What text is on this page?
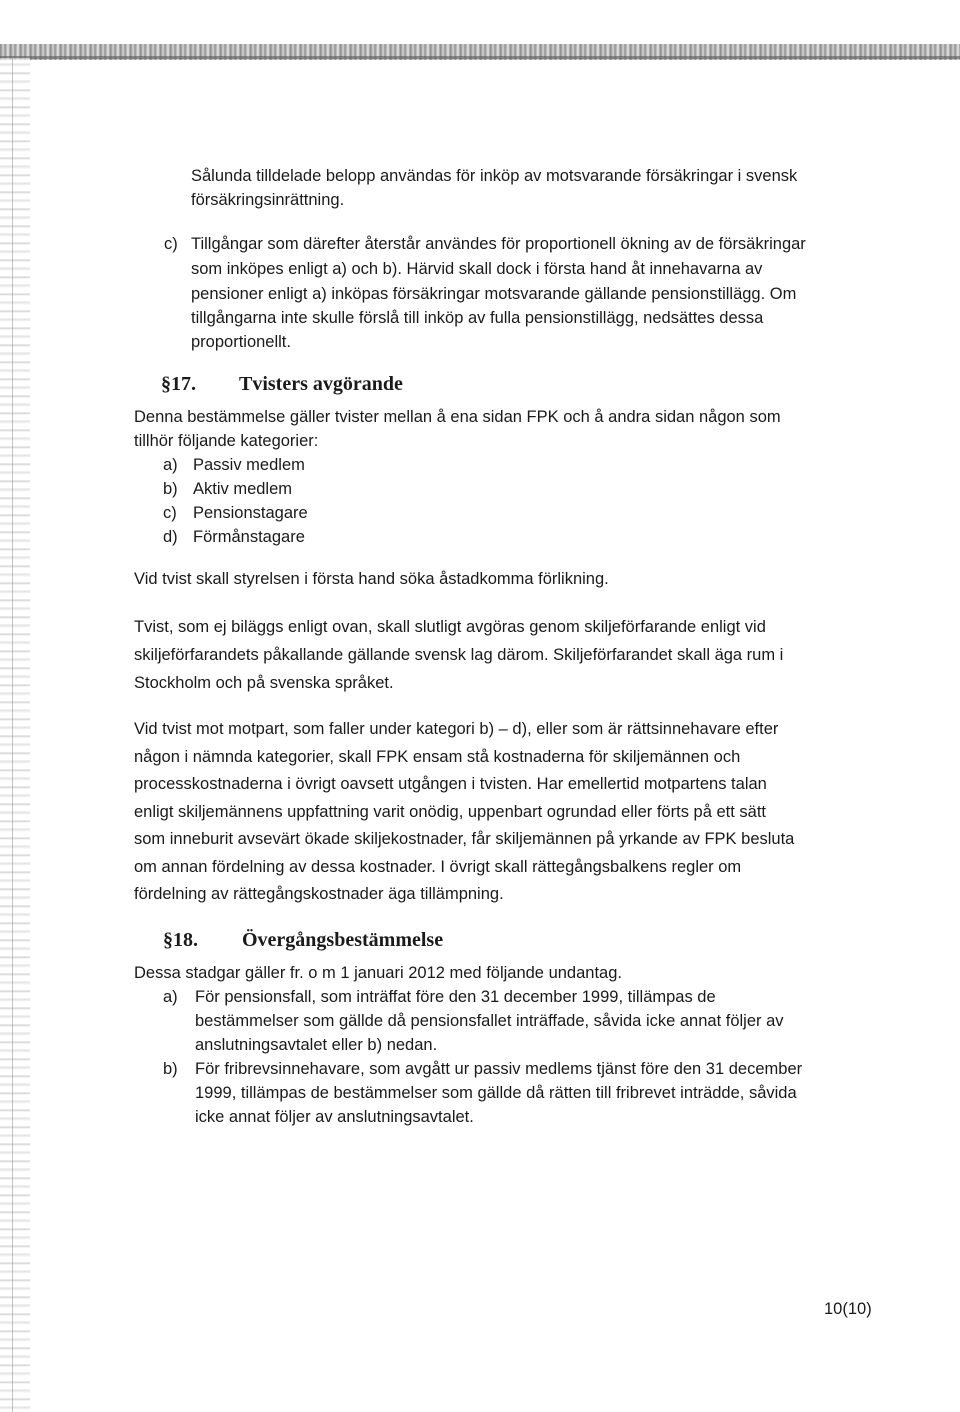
Sålunda tilldelade belopp användas för inköp av motsvarande försäkringar i svensk

försäkringsinrättning.

c) Tillgångar som därefter återstår användes för proportionell ökning av de försäkringar

som inköpes enligt a) och b). Härvid skall dock i första hand åt innehavarna av

pensioner enligt a) inköpas försäkringar motsvarande gällande pensionstillägg. Om

tillgångarna inte skulle förslå till inköp av fulla pensionstillägg, nedsättes dessa

proportionellt.

§17. Tvisters avgörande

Denna bestämmelse gäller tvister mellan å ena sidan FPK och å andra sidan någon som

tillhör följande kategorier:

a) Passiv medlem
b) Aktiv medlem
c) Pensionstagare
d) Förmånstagare

Vid tvist skall styrelsen i första hand söka åstadkomma förlikning.

Tvist, som ej biläggs enligt ovan, skall slutligt avgöras genom skiljeförfarande enligt vid

skiljeförfarandets påkallande gällande svensk lag därom. Skiljeförfarandet skall äga rum i

Stockholm och på svenska språket.

Vid tvist mot motpart, som faller under kategori b) – d), eller som är rättsinnehavare efter

någon i nämnda kategorier, skall FPK ensam stå kostnaderna för skiljemännen och

processkostnaderna i övrigt oavsett utgången i tvisten. Har emellertid motpartens talan

enligt skiljemännens uppfattning varit onödig, uppenbart ogrundad eller förts på ett sätt

som inneburit avsevärt ökade skiljekostnader, får skiljemännen på yrkande av FPK besluta

om annan fördelning av dessa kostnader. I övrigt skall rättegångsbalkens regler om

fördelning av rättegångskostnader äga tillämpning.

§18. Övergångsbestämmelse

Dessa stadgar gäller fr. o m 1 januari 2012 med följande undantag.

a) För pensionsfall, som inträffat före den 31 december 1999, tillämpas de

bestämmelser som gällde då pensionsfallet inträffade, såvida icke annat följer av

anslutningsavtalet eller b) nedan.

b) För fribrevsinnehavare, som avgått ur passiv medlems tjänst före den 31 december

1999, tillämpas de bestämmelser som gällde då rätten till fribrevet inträdde, såvida

icke annat följer av anslutningsavtalet.

10(10)
